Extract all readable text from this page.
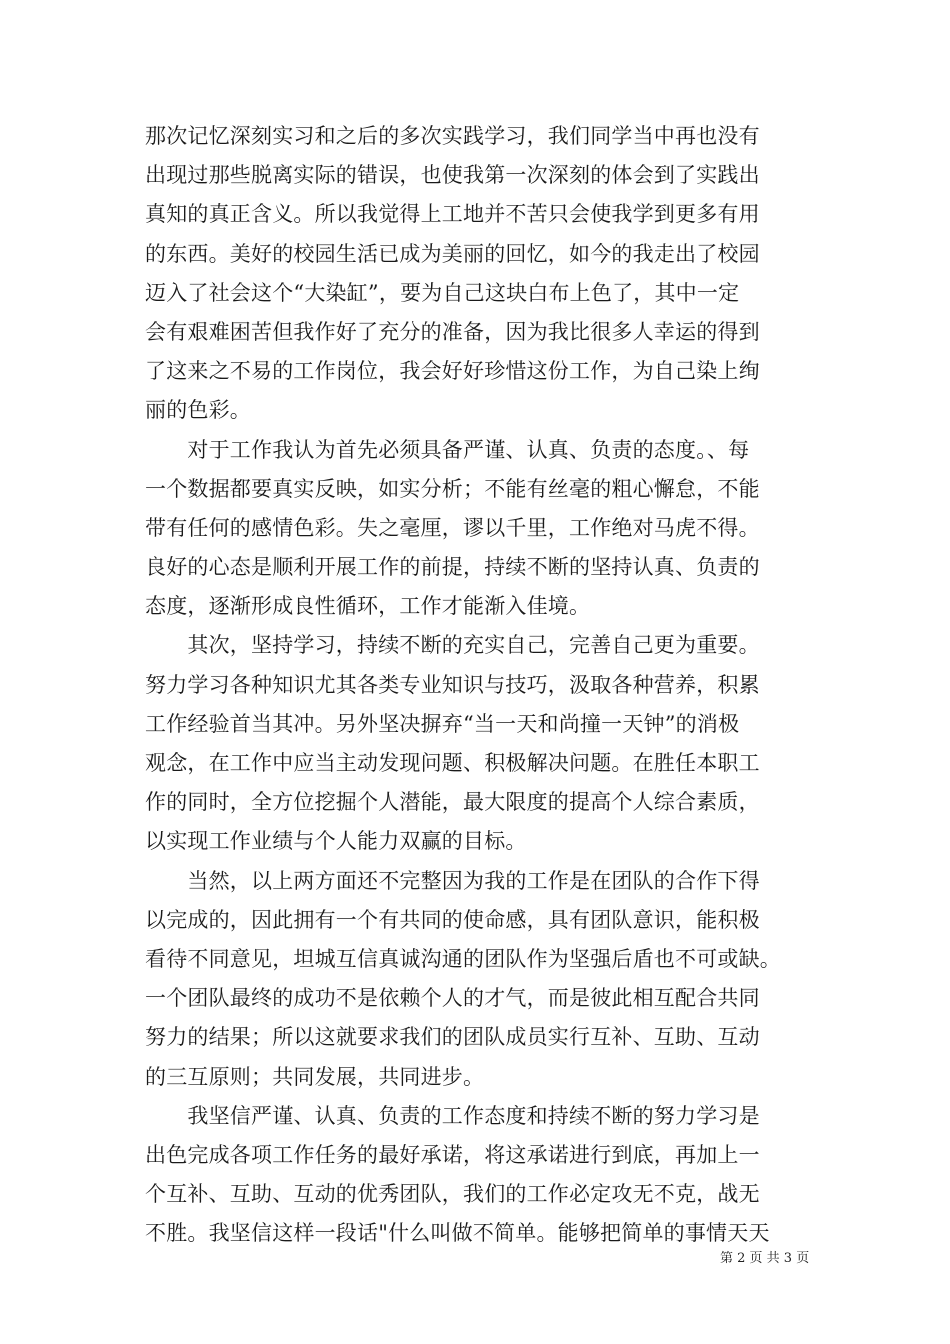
那次记忆深刻实习和之后的多次实践学习，我们同学当中再也没有
出现过那些脱离实际的错误，也使我第一次深刻的体会到了实践出
真知的真正含义。所以我觉得上工地并不苦只会使我学到更多有用
的东西。美好的校园生活已成为美丽的回忆，如今的我走出了校园
迈入了社会这个“大染缸”，要为自己这块白布上色了，其中一定
会有艰难困苦但我作好了充分的准备，因为我比很多人幸运的得到
了这来之不易的工作岗位，我会好好珍惜这份工作，为自己染上绚
丽的色彩。
　　对于工作我认为首先必须具备严谨、认真、负责的态度。、每
一个数据都要真实反映，如实分析；不能有丝毫的粗心懈怠，不能
带有任何的感情色彩。失之毫厘，谬以千里，工作绝对马虎不得。
良好的心态是顺利开展工作的前提，持续不断的坚持认真、负责的
态度，逐渐形成良性循环，工作才能渐入佳境。
　　其次，坚持学习，持续不断的充实自己，完善自己更为重要。
努力学习各种知识尤其各类专业知识与技巧，汲取各种营养，积累
工作经验首当其冲。另外坚决摒弃“当一天和尚撞一天钟”的消极
观念，在工作中应当主动发现问题、积极解决问题。在胜任本职工
作的同时，全方位挖掘个人潜能，最大限度的提高个人综合素质，
以实现工作业绩与个人能力双赢的目标。
　　当然，以上两方面还不完整因为我的工作是在团队的合作下得
以完成的，因此拥有一个有共同的使命感，具有团队意识，能积极
看待不同意见，坦城互信真诚沟通的团队作为坚强后盾也不可或缺。
一个团队最终的成功不是依赖个人的才气，而是彼此相互配合共同
努力的结果；所以这就要求我们的团队成员实行互补、互助、互动
的三互原则；共同发展，共同进步。
　　我坚信严谨、认真、负责的工作态度和持续不断的努力学习是
出色完成各项工作任务的最好承诺，将这承诺进行到底，再加上一
个互补、互助、互动的优秀团队，我们的工作必定攻无不克，战无
不胜。我坚信这样一段话"什么叫做不简单。能够把简单的事情天天
第 2 页 共 3 页
